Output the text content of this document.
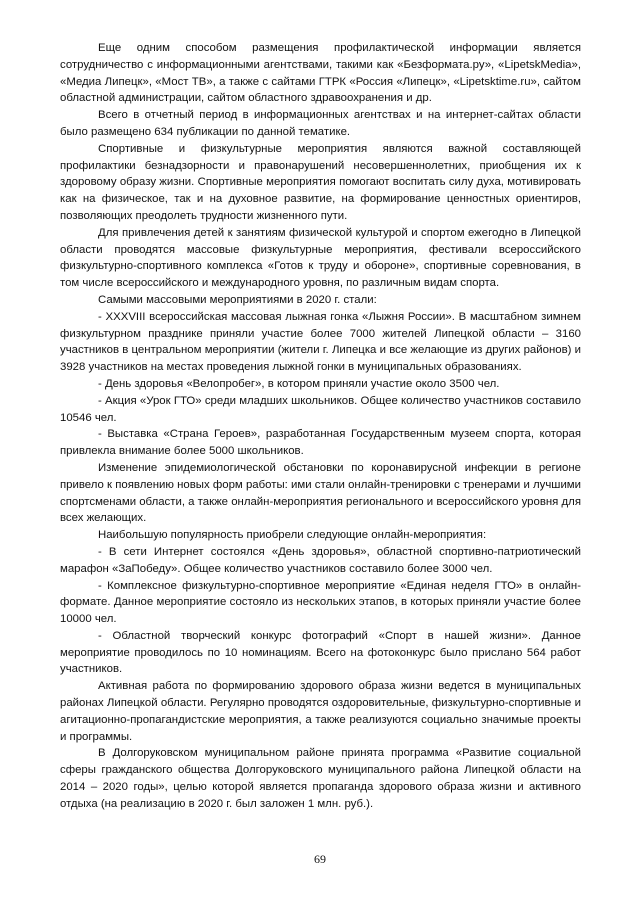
Еще одним способом размещения профилактической информации является сотрудничество с информационными агентствами, такими как «Безформата.ру», «LipetskMedia», «Медиа Липецк», «Мост ТВ», а также с сайтами ГТРК «Россия «Липецк», «Lipetsktime.ru», сайтом областной администрации, сайтом областного здравоохранения и др.

Всего в отчетный период в информационных агентствах и на интернет-сайтах области было размещено 634 публикации по данной тематике.

Спортивные и физкультурные мероприятия являются важной составляющей профилактики безнадзорности и правонарушений несовершеннолетних, приобщения их к здоровому образу жизни. Спортивные мероприятия помогают воспитать силу духа, мотивировать как на физическое, так и на духовное развитие, на формирование ценностных ориентиров, позволяющих преодолеть трудности жизненного пути.

Для привлечения детей к занятиям физической культурой и спортом ежегодно в Липецкой области проводятся массовые физкультурные мероприятия, фестивали всероссийского физкультурно-спортивного комплекса «Готов к труду и обороне», спортивные соревнования, в том числе всероссийского и международного уровня, по различным видам спорта.

Самыми массовыми мероприятиями в 2020 г. стали:

- XXXVIII всероссийская массовая лыжная гонка «Лыжня России». В масштабном зимнем физкультурном празднике приняли участие более 7000 жителей Липецкой области – 3160 участников в центральном мероприятии (жители г. Липецка и все желающие из других районов) и 3928 участников на местах проведения лыжной гонки в муниципальных образованиях.

- День здоровья «Велопробег», в котором приняли участие около 3500 чел.

- Акция «Урок ГТО» среди младших школьников. Общее количество участников составило 10546 чел.

- Выставка «Страна Героев», разработанная Государственным музеем спорта, которая привлекла внимание более 5000 школьников.

Изменение эпидемиологической обстановки по коронавирусной инфекции в регионе привело к появлению новых форм работы: ими стали онлайн-тренировки с тренерами и лучшими спортсменами области, а также онлайн-мероприятия регионального и всероссийского уровня для всех желающих.

Наибольшую популярность приобрели следующие онлайн-мероприятия:

- В сети Интернет состоялся «День здоровья», областной спортивно-патриотический марафон «ЗаПобеду». Общее количество участников составило более 3000 чел.

- Комплексное физкультурно-спортивное мероприятие «Единая неделя ГТО» в онлайн-формате. Данное мероприятие состояло из нескольких этапов, в которых приняли участие более 10000 чел.

- Областной творческий конкурс фотографий «Спорт в нашей жизни». Данное мероприятие проводилось по 10 номинациям. Всего на фотоконкурс было прислано 564 работ участников.

Активная работа по формированию здорового образа жизни ведется в муниципальных районах Липецкой области. Регулярно проводятся оздоровительные, физкультурно-спортивные и агитационно-пропагандистские мероприятия, а также реализуются социально значимые проекты и программы.

В Долгоруковском муниципальном районе принята программа «Развитие социальной сферы гражданского общества Долгоруковского муниципального района Липецкой области на 2014 – 2020 годы», целью которой является пропаганда здорового образа жизни и активного отдыха (на реализацию в 2020 г. был заложен 1 млн. руб.).

69
